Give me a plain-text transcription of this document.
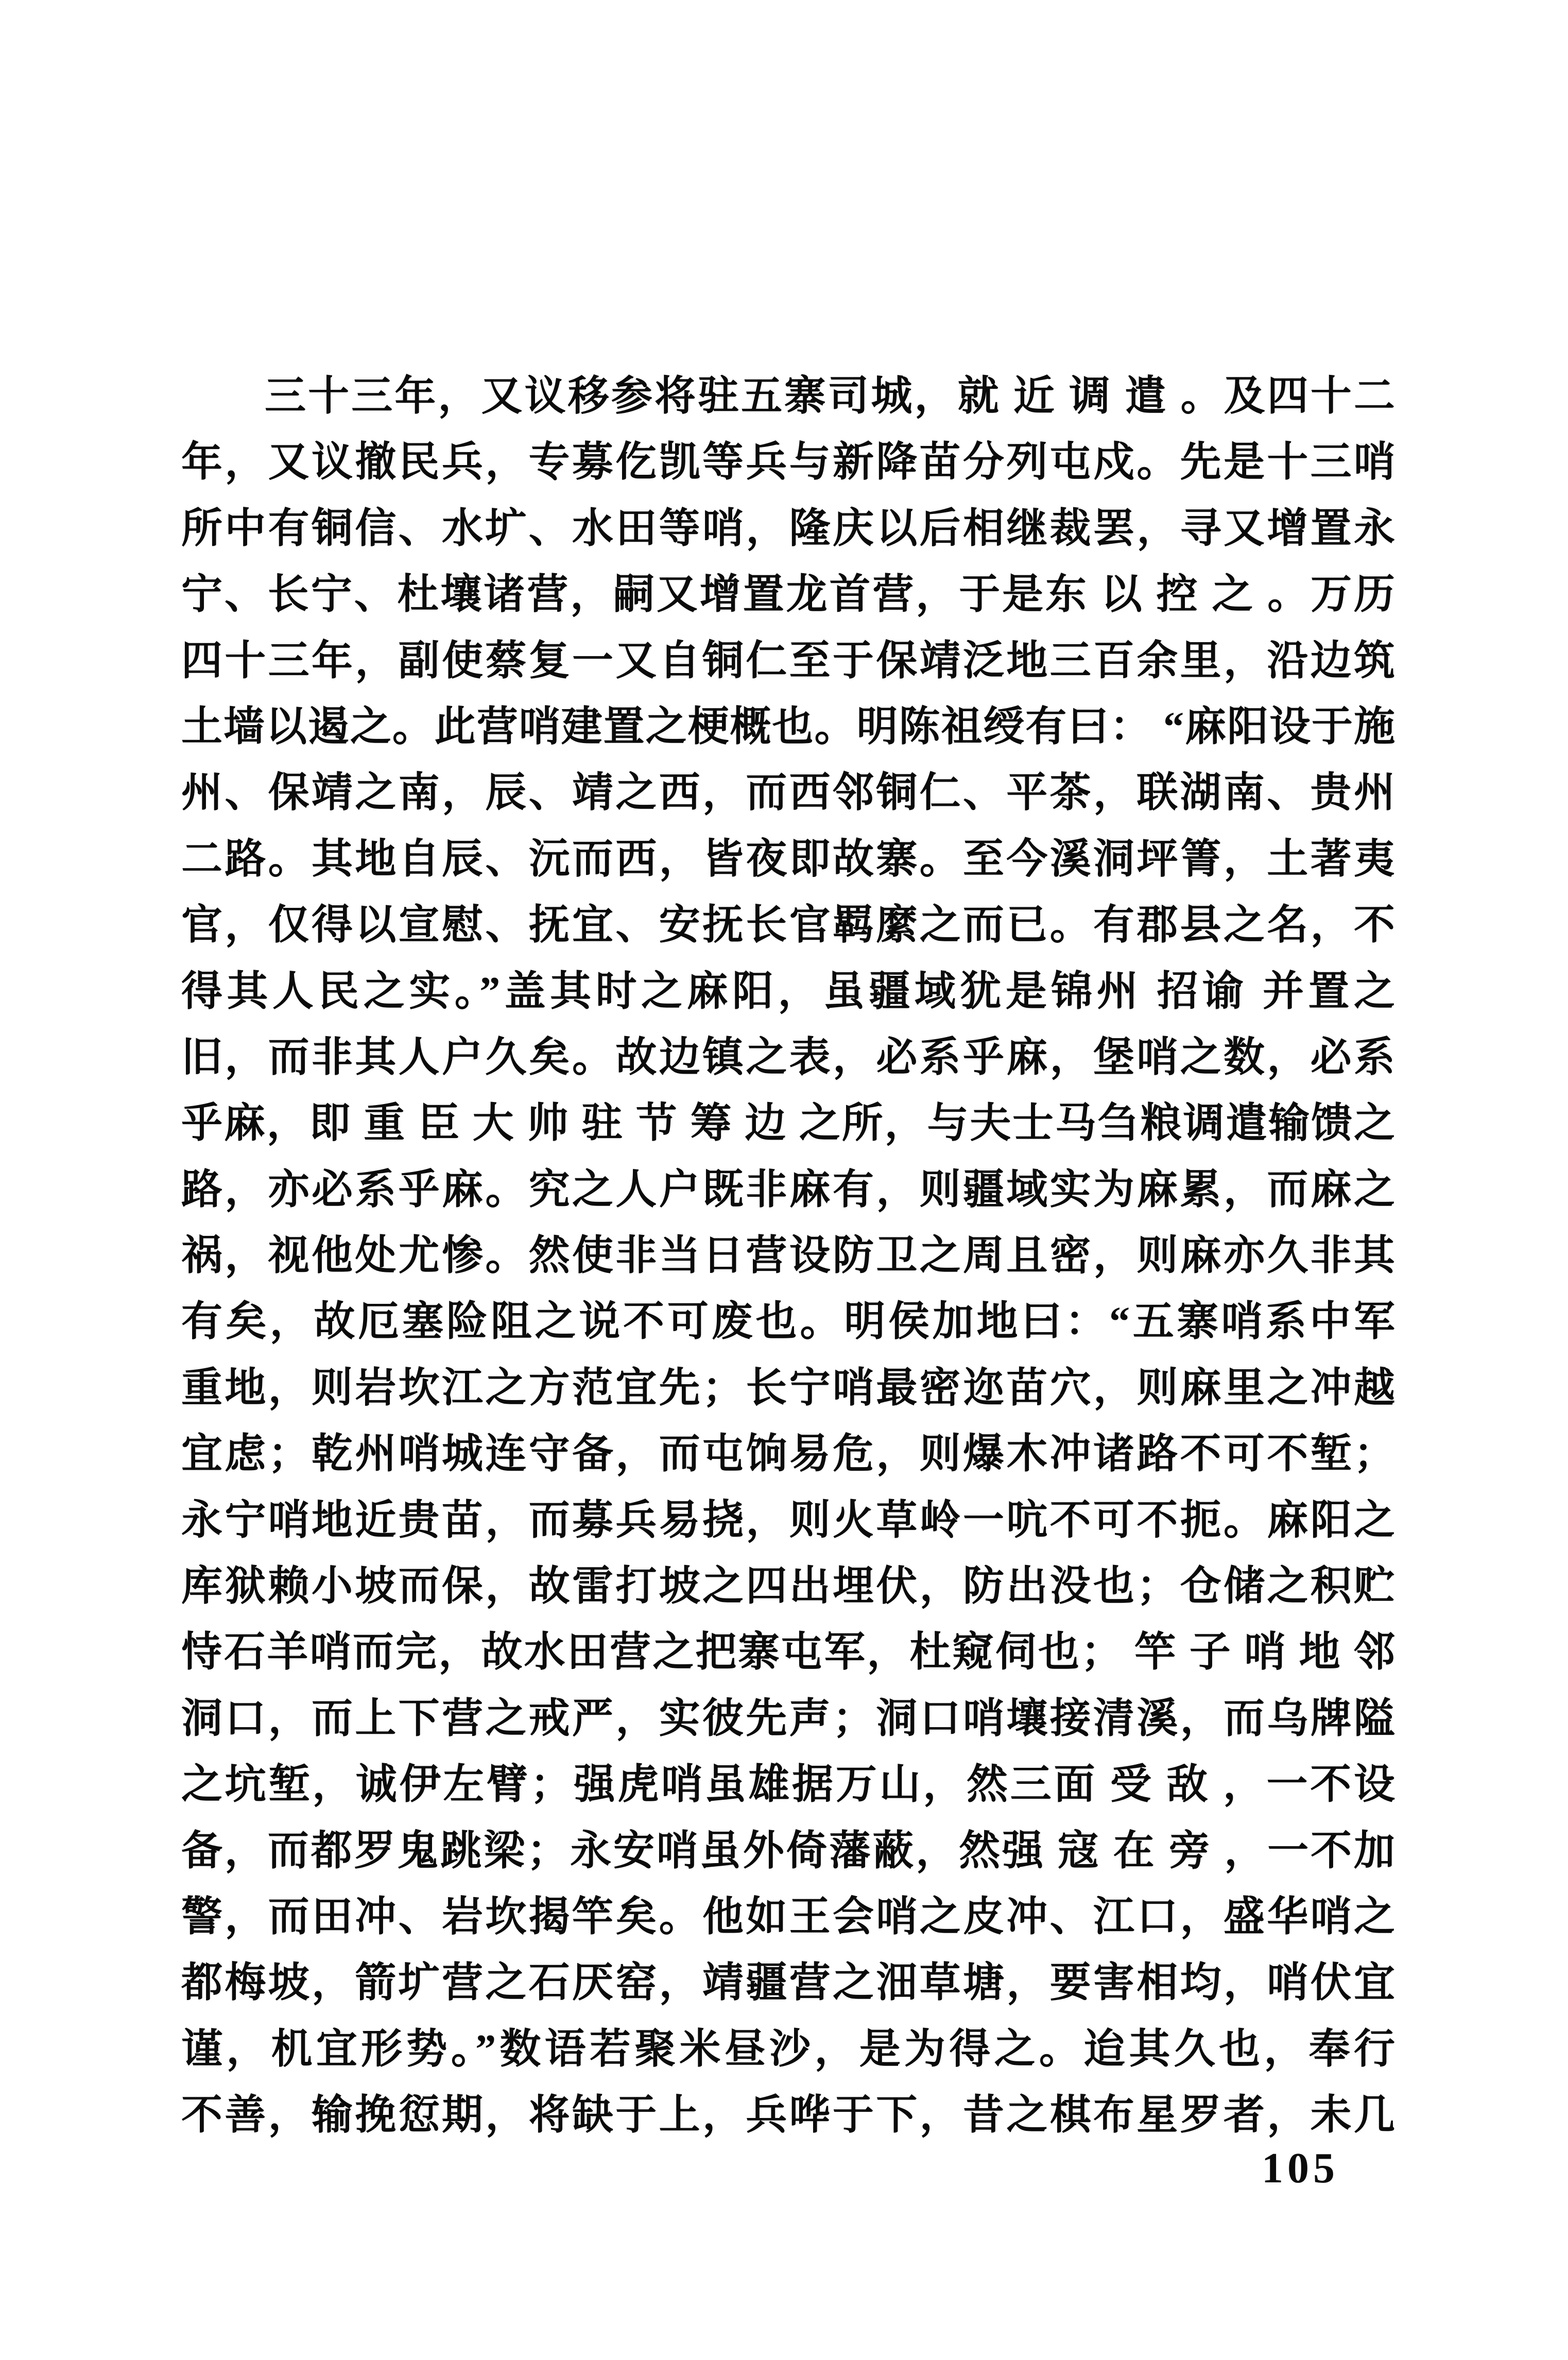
三十三年，又议移参将驻五寨司城，就 近 调 遣 。及四十二
年，又议撤民兵，专募仡凯等兵与新降苗分列屯戍。先是十三哨
所中有铜信、水圹、水田等哨，隆庆以后相继裁罢，寻又增置永
宁、长宁、杜壤诸营，嗣又增置龙首营，于是东 以 控 之 。万历
四十三年，副使蔡复一又自铜仁至于保靖泛地三百余里，沿边筑
土墙以遏之。此营哨建置之梗概也。明陈祖绶有曰： “麻阳设于施
州、保靖之南，辰、靖之西，而西邻铜仁、平茶，联湖南、贵州
二路。其地自辰、沅而西，皆夜即故寨。至今溪洞坪箐，土著夷
官，仅得以宣慰、抚宜、安抚长官羁縻之而已。有郡县之名，不
得其人民之实。”盖其时之麻阳，虽疆域犹是锦州 招谕 并置之
旧，而非其人户久矣。故边镇之表，必系乎麻，堡哨之数，必系
乎麻，即 重 臣 大 帅 驻 节 筹 边 之所，与夫士马刍粮调遣输馈之
路，亦必系乎麻。究之人户既非麻有，则疆域实为麻累，而麻之
祸，视他处尤惨。然使非当日营设防卫之周且密，则麻亦久非其
有矣，故厄塞险阻之说不可废也。明侯加地曰：“五寨哨系中军
重地，则岩坎江之方范宜先；长宁哨最密迩苗穴，则麻里之冲越
宜虑；乾州哨城连守备，而屯饷易危，则爆木冲诸路不可不堑；
永宁哨地近贵苗，而募兵易挠，则火草岭一吭不可不扼。麻阳之
库狱赖小坡而保，故雷打坡之四出埋伏，防出没也；仓储之积贮
恃石羊哨而完，故水田营之把寨屯军，杜窥伺也； 竿 子 哨 地 邻
洞口，而上下营之戒严，实彼先声；洞口哨壤接清溪，而乌牌隘
之坑堑，诚伊左臂；强虎哨虽雄据万山，然三面 受 敌 ，一不设
备，而都罗鬼跳梁；永安哨虽外倚藩蔽，然强 寇 在 旁 ，一不加
警，而田冲、岩坎揭竿矣。他如王会哨之皮冲、江口，盛华哨之
都梅坡，箭圹营之石厌窑，靖疆营之沺草塘，要害相均，哨伏宜
谨，机宜形势。”数语若聚米昼沙，是为得之。迨其久也，奉行
不善，输挽愆期，将缺于上，兵哗于下，昔之棋布星罗者，未几
105
